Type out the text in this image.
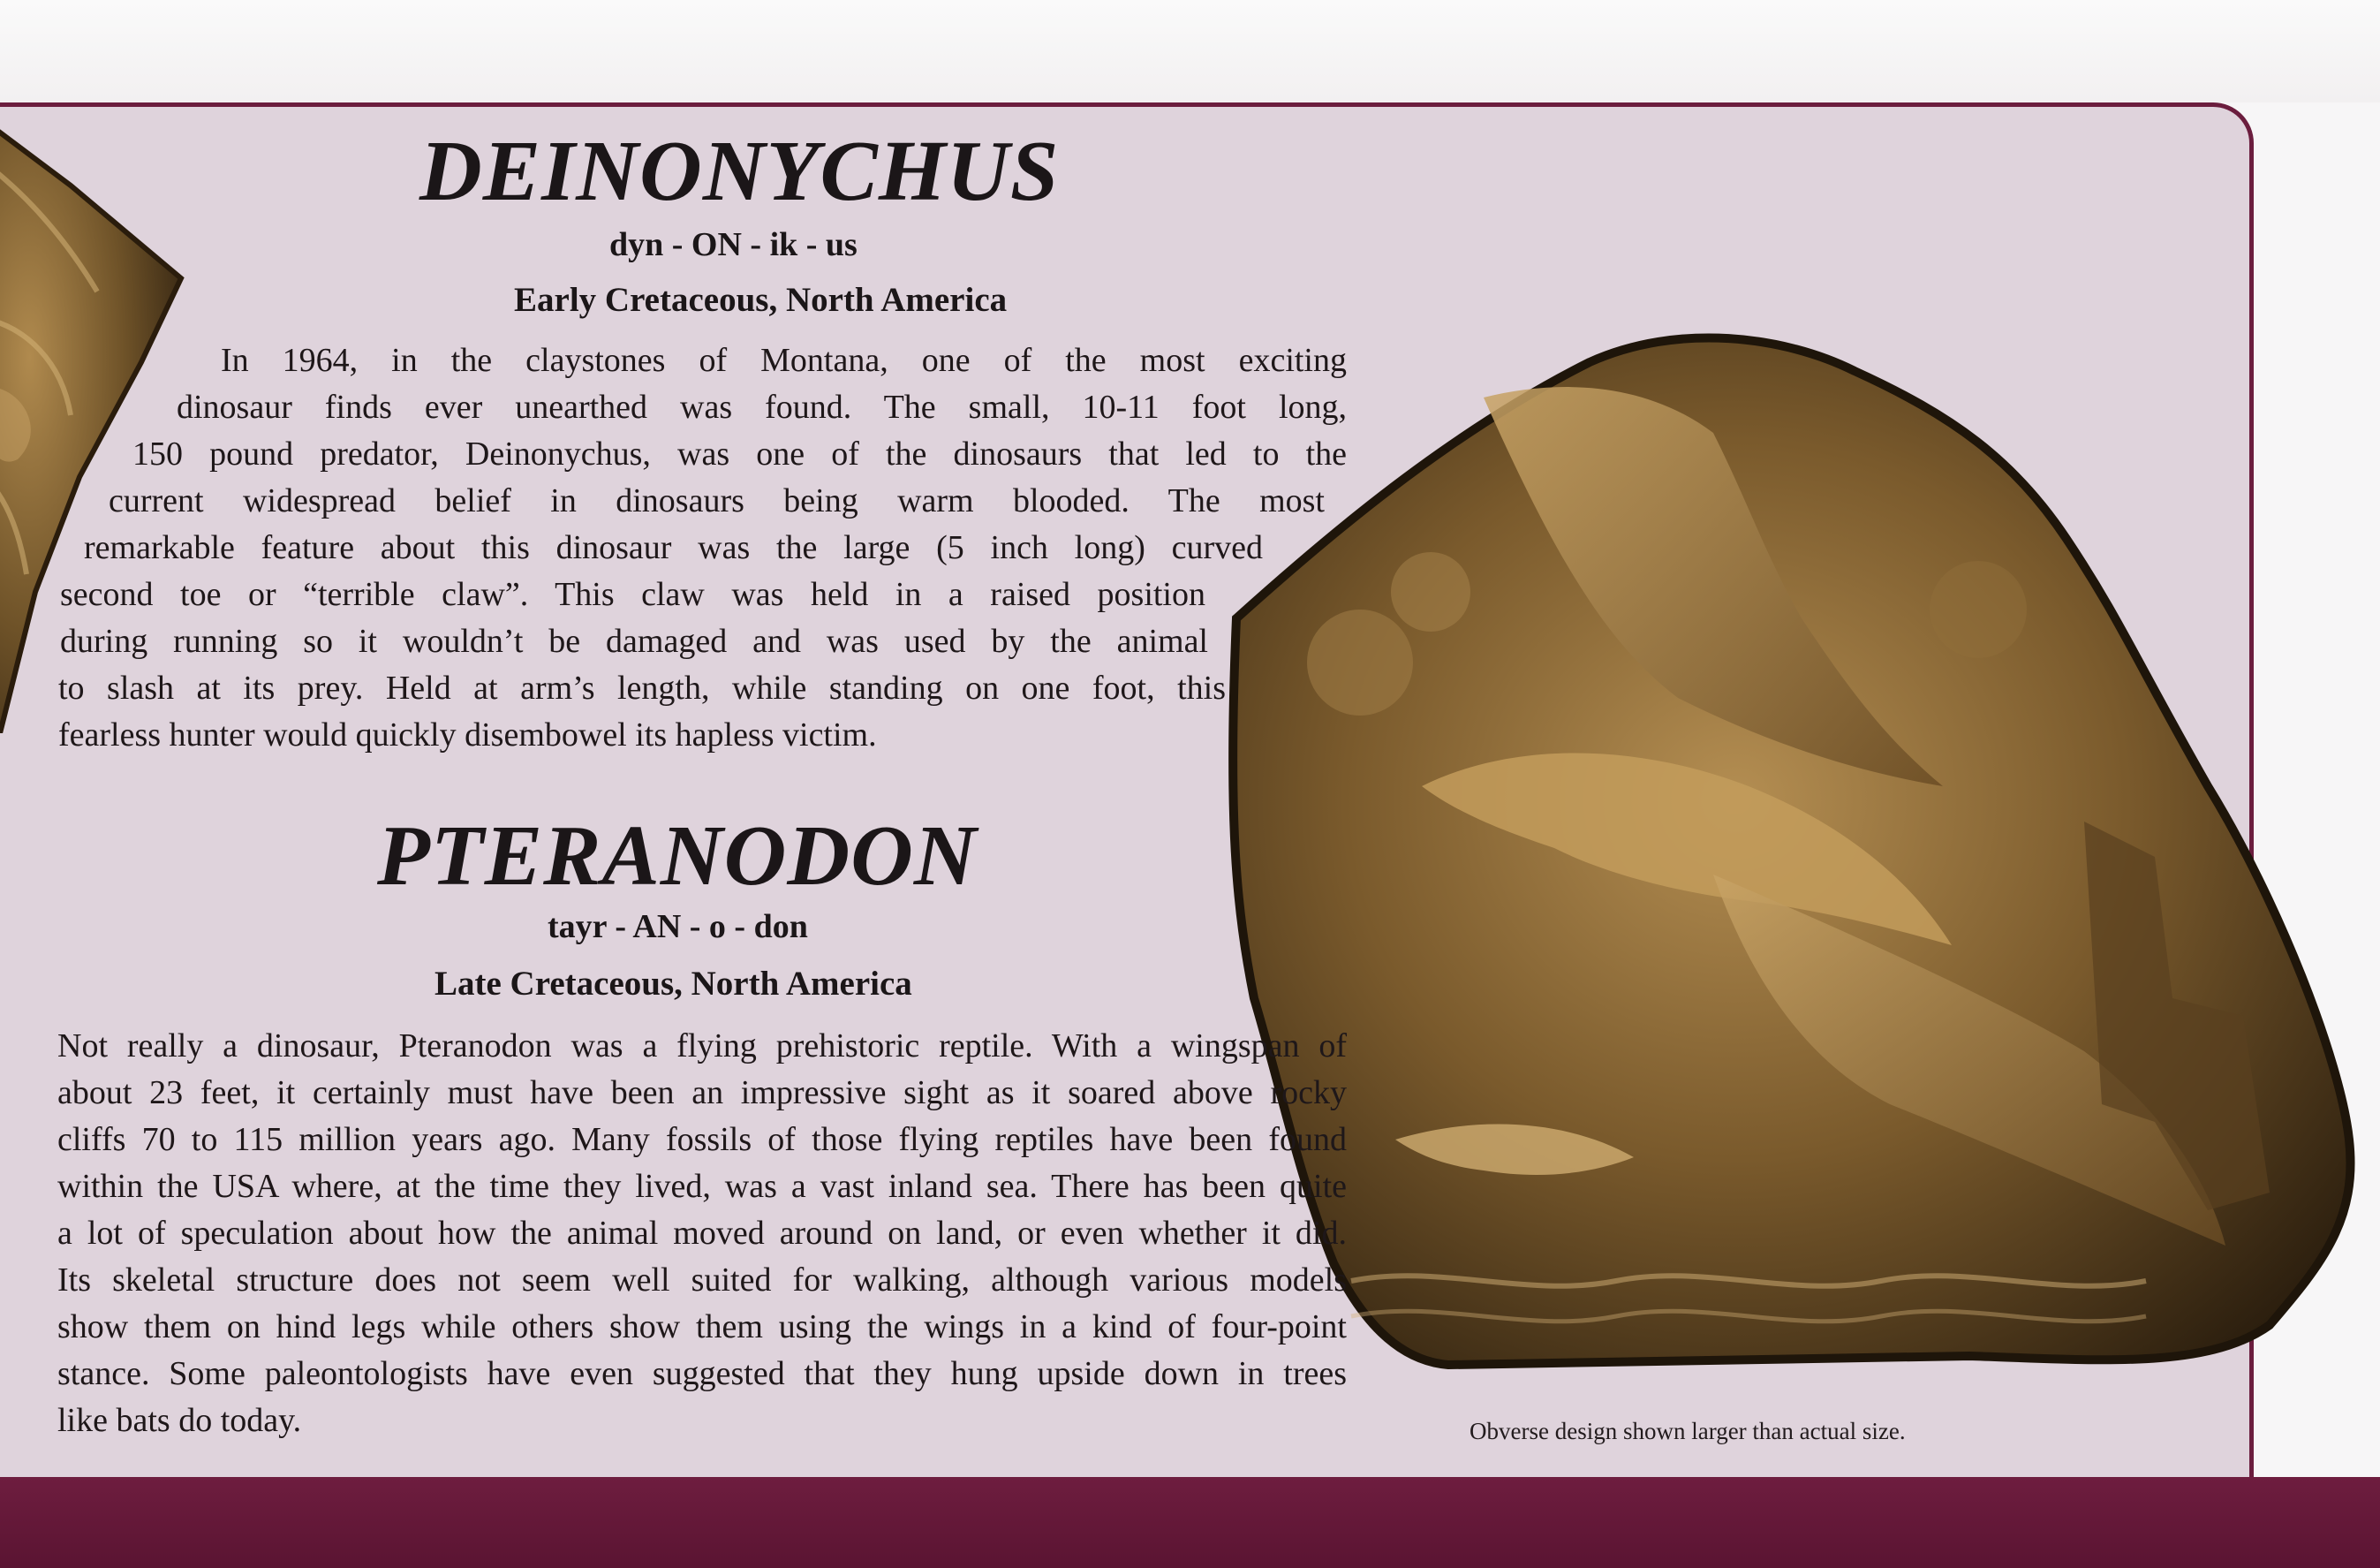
DEINONYCHUS

dyn - ON - ik - us

Early Cretaceous, North America

In 1964, in the claystones of Montana, one of the most exciting
dinosaur finds ever unearthed was found. The small, 10-11 foot long,
150 pound predator, Deinonychus, was one of the dinosaurs that led to the
current widespread belief in dinosaurs being warm blooded. The most
remarkable feature about this dinosaur was the large (5 inch long) curved
second toe or “terrible claw”. This claw was held in a raised position
during running so it wouldn’t be damaged and was used by the animal
to slash at its prey. Held at arm’s length, while standing on one foot, this
fearless hunter would quickly disembowel its hapless victim.
PTERANODON

tayr - AN - o - don

Late Cretaceous, North America

Not really a dinosaur, Pteranodon was a flying prehistoric reptile. With a wingspan of
about 23 feet, it certainly must have been an impressive sight as it soared above rocky
cliffs 70 to 115 million years ago. Many fossils of those flying reptiles have been found
within the USA where, at the time they lived, was a vast inland sea. There has been quite
a lot of speculation about how the animal moved around on land, or even whether it did.
Its skeletal structure does not seem well suited for walking, although various models
show them on hind legs while others show them using the wings in a kind of four-point
stance. Some paleontologists have even suggested that they hung upside down in trees
like bats do today.	Obverse design shown larger than actual size.
